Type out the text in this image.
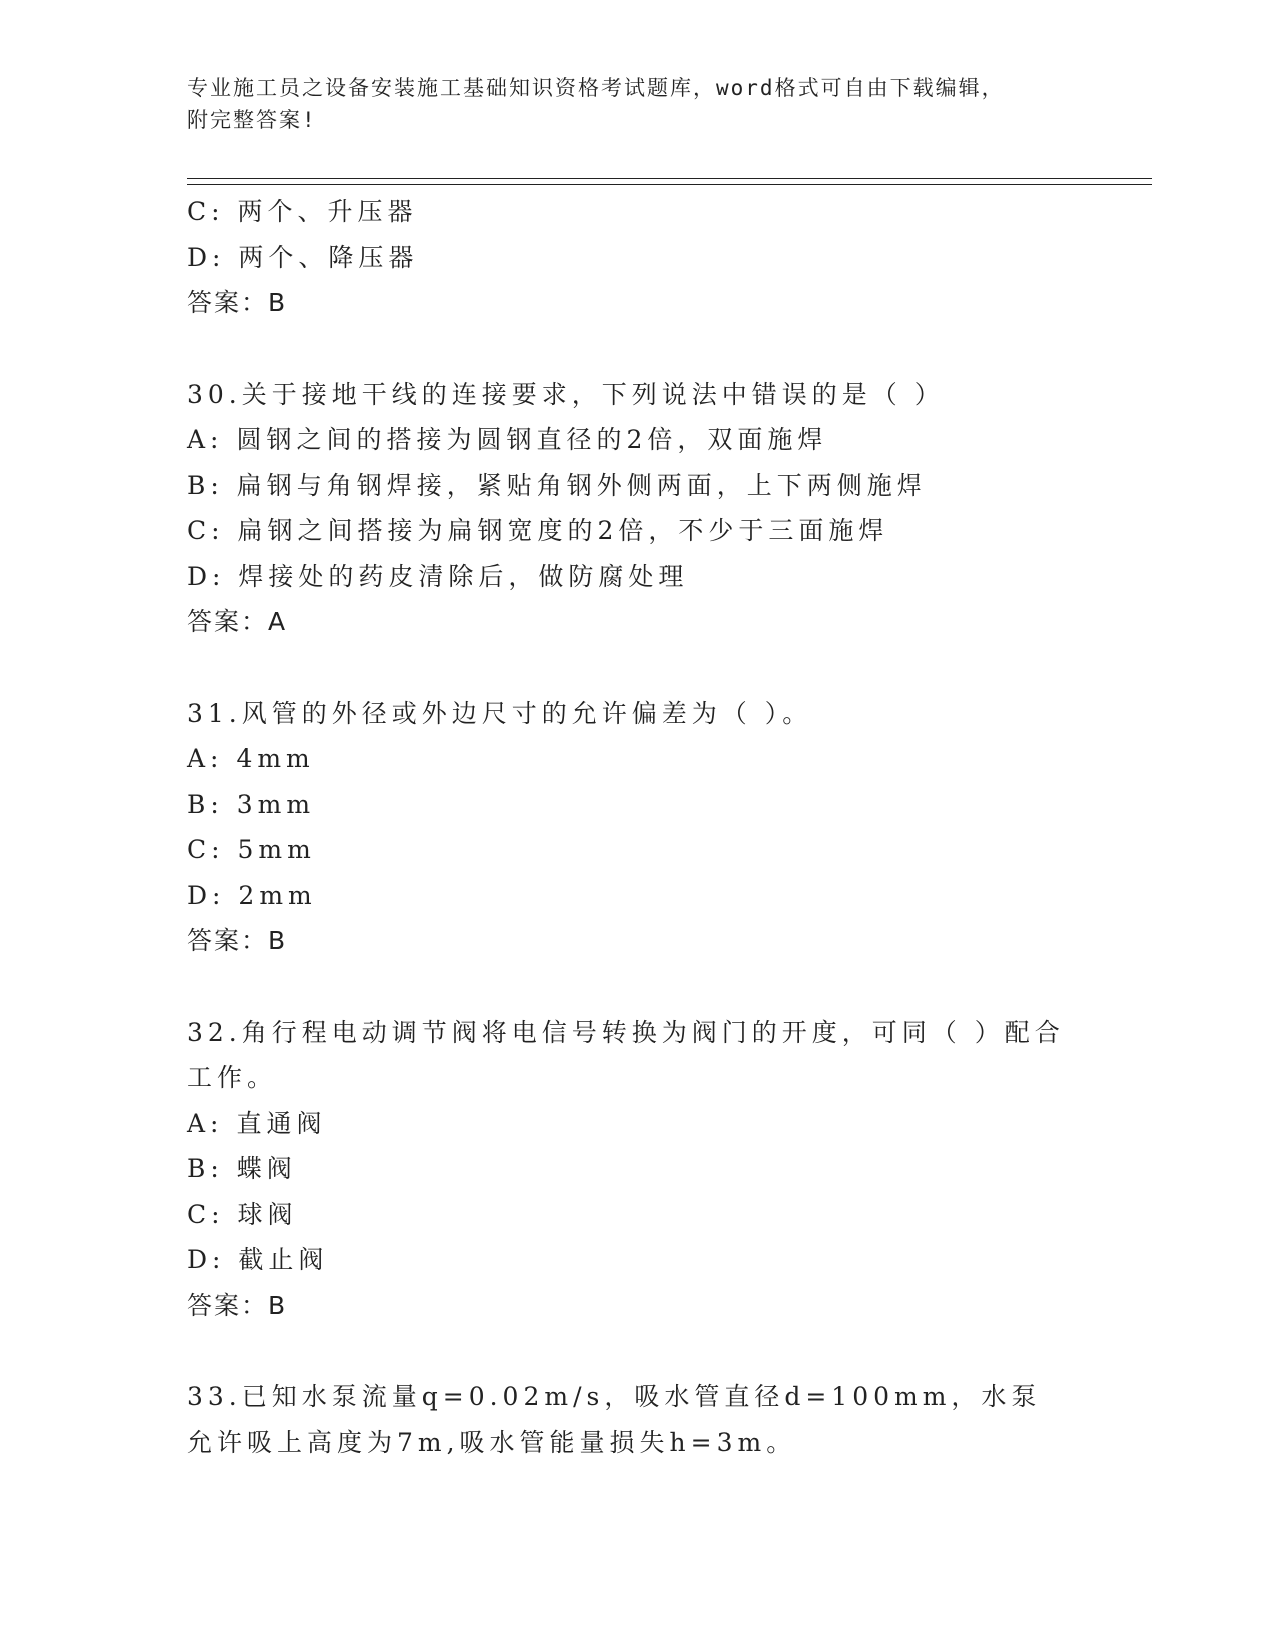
专业施工员之设备安装施工基础知识资格考试题库，word格式可自由下载编辑，
附完整答案!
C: 两个、升压器
D: 两个、降压器
答案：B
30.关于接地干线的连接要求，下列说法中错误的是（ ）
A: 圆钢之间的搭接为圆钢直径的2倍，双面施焊
B: 扁钢与角钢焊接，紧贴角钢外侧两面，上下两侧施焊
C: 扁钢之间搭接为扁钢宽度的2倍，不少于三面施焊
D: 焊接处的药皮清除后，做防腐处理
答案：A
31.风管的外径或外边尺寸的允许偏差为（ ）。
A: 4mm
B: 3mm
C: 5mm
D: 2mm
答案：B
32.角行程电动调节阀将电信号转换为阀门的开度，可同（ ）配合工作。
A: 直通阀
B: 蝶阀
C: 球阀
D: 截止阀
答案：B
33.已知水泵流量q=0.02m/s，吸水管直径d=100mm，水泵允许吸上高度为7m,吸水管能量损失h=3m。
